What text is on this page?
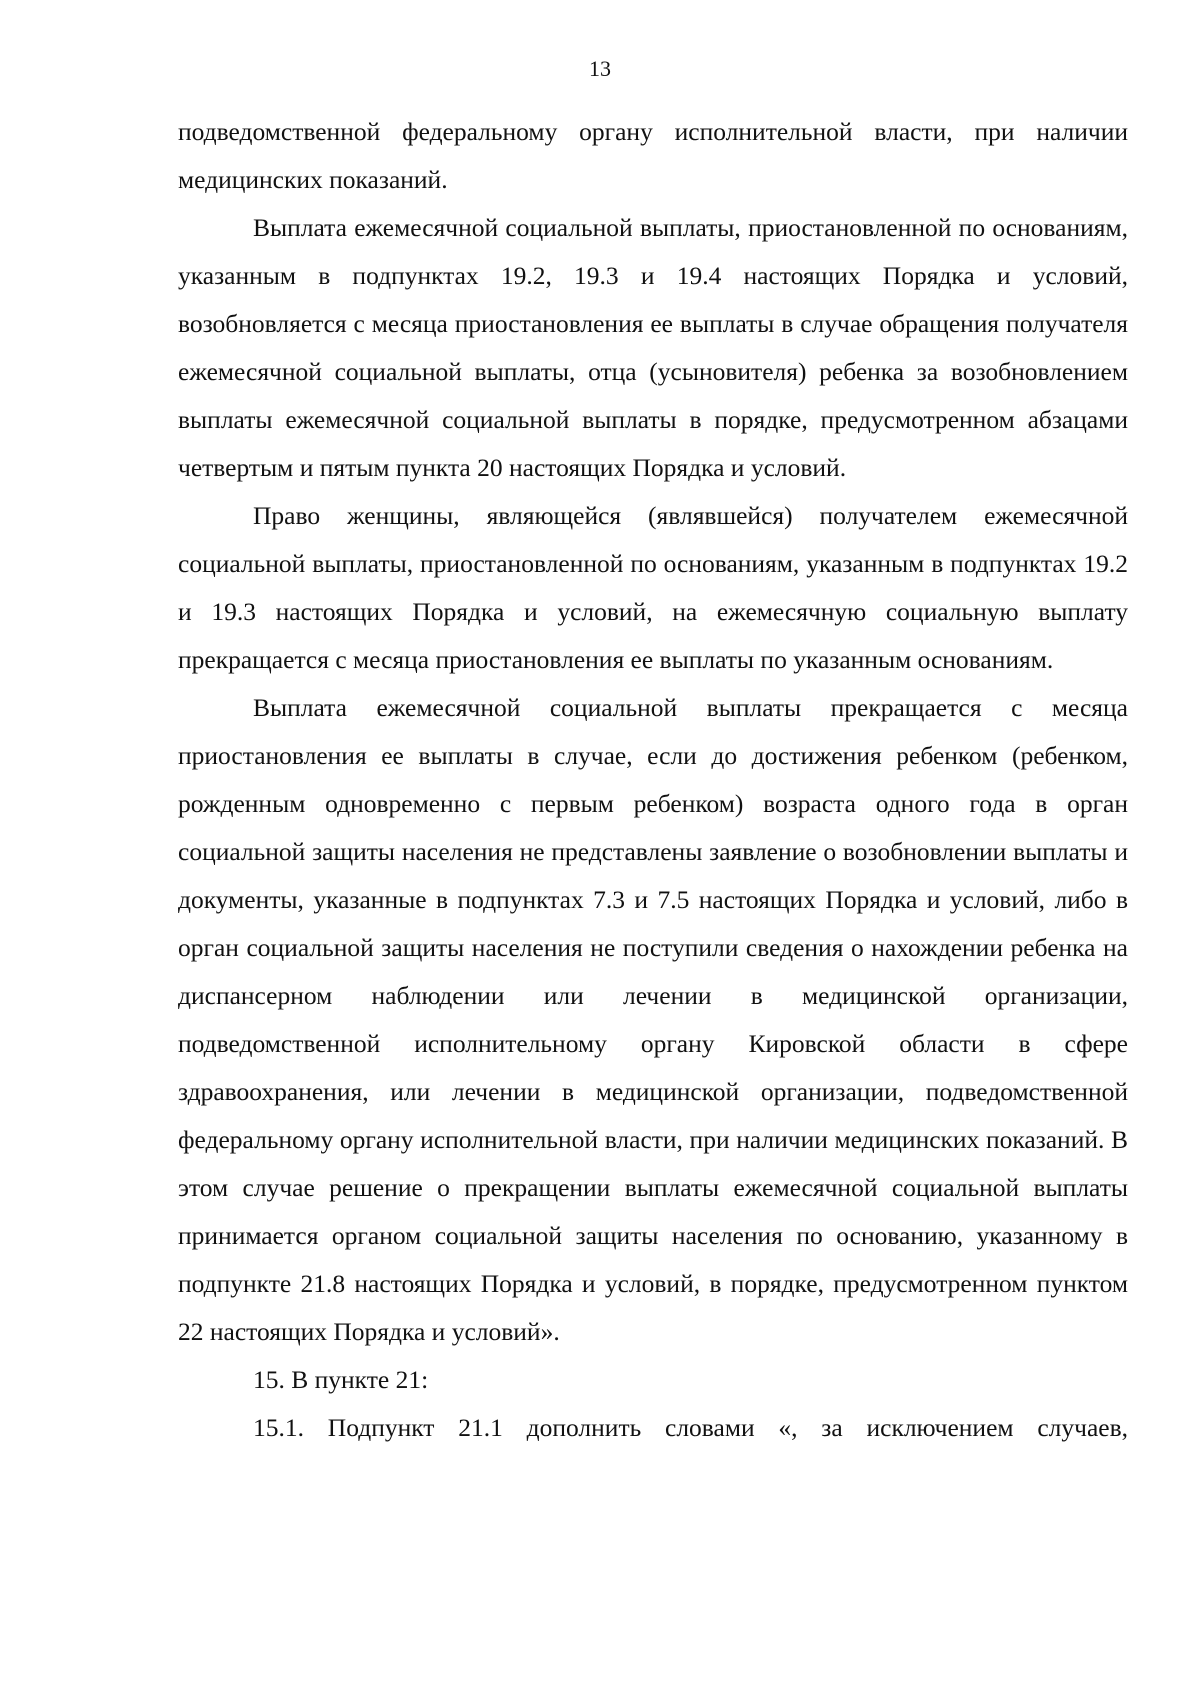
13

подведомственной федеральному органу исполнительной власти, при наличии медицинских показаний.

Выплата ежемесячной социальной выплаты, приостановленной по основаниям, указанным в подпунктах 19.2, 19.3 и 19.4 настоящих Порядка и условий, возобновляется с месяца приостановления ее выплаты в случае обращения получателя ежемесячной социальной выплаты, отца (усыновителя) ребенка за возобновлением выплаты ежемесячной социальной выплаты в порядке, предусмотренном абзацами четвертым и пятым пункта 20 настоящих Порядка и условий.

Право женщины, являющейся (являвшейся) получателем ежемесячной социальной выплаты, приостановленной по основаниям, указанным в подпунктах 19.2 и 19.3 настоящих Порядка и условий, на ежемесячную социальную выплату прекращается с месяца приостановления ее выплаты по указанным основаниям.

Выплата ежемесячной социальной выплаты прекращается с месяца приостановления ее выплаты в случае, если до достижения ребенком (ребенком, рожденным одновременно с первым ребенком) возраста одного года в орган социальной защиты населения не представлены заявление о возобновлении выплаты и документы, указанные в подпунктах 7.3 и 7.5 настоящих Порядка и условий, либо в орган социальной защиты населения не поступили сведения о нахождении ребенка на диспансерном наблюдении или лечении в медицинской организации, подведомственной исполнительному органу Кировской области в сфере здравоохранения, или лечении в медицинской организации, подведомственной федеральному органу исполнительной власти, при наличии медицинских показаний. В этом случае решение о прекращении выплаты ежемесячной социальной выплаты принимается органом социальной защиты населения по основанию, указанному в подпункте 21.8 настоящих Порядка и условий, в порядке, предусмотренном пунктом 22 настоящих Порядка и условий».

15. В пункте 21:

15.1. Подпункт 21.1 дополнить словами «, за исключением случаев,
